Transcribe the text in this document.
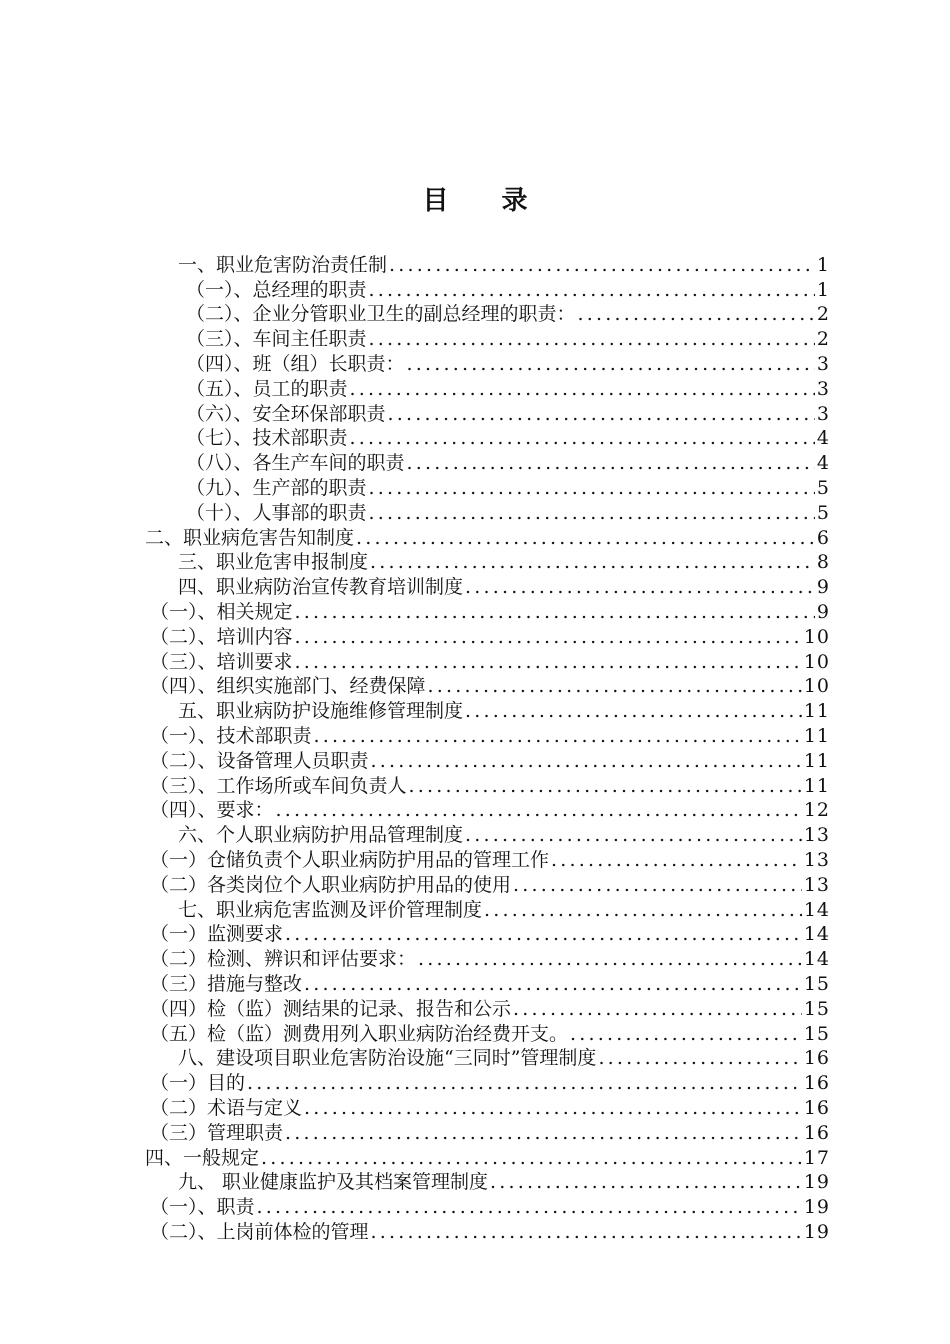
目 录
一、职业危害防治责任制 .....	1
（一）、总经理的职责 .....	1
（二）、企业分管职业卫生的副总经理的职责： .....	2
（三）、车间主任职责 .....	2
（四）、班（组）长职责： .....	3
（五）、员工的职责 .....	3
（六）、安全环保部职责 .....	3
（七）、技术部职责 .....	4
（八）、各生产车间的职责 .....	4
（九）、生产部的职责 .....	5
（十）、人事部的职责 .....	5
二、职业病危害告知制度 .....	6
三、职业危害申报制度 .....	8
四、职业病防治宣传教育培训制度 .....	9
（一）、相关规定 .....	9
（二）、培训内容 .....	10
（三）、培训要求 .....	10
（四）、组织实施部门、经费保障 .....	10
五、职业病防护设施维修管理制度 .....	11
（一）、技术部职责 .....	11
（二）、设备管理人员职责 .....	11
（三）、工作场所或车间负责人 .....	11
（四）、要求： .....	12
六、个人职业病防护用品管理制度 .....	13
（一）仓储负责个人职业病防护用品的管理工作 .....	13
（二）各类岗位个人职业病防护用品的使用 .....	13
七、职业病危害监测及评价管理制度 .....	14
（一）监测要求 .....	14
（二）检测、辨识和评估要求： .....	14
（三）措施与整改 .....	15
（四）检（监）测结果的记录、报告和公示 .....	15
（五）检（监）测费用列入职业病防治经费开支。 .....	15
八、建设项目职业危害防治设施“三同时”管理制度 .....	16
（一）目的 .....	16
（二）术语与定义 .....	16
（三）管理职责 .....	16
四、一般规定 .....	17
九、 职业健康监护及其档案管理制度 .....	19
（一）、职责 .....	19
（二）、上岗前体检的管理 .....	19
